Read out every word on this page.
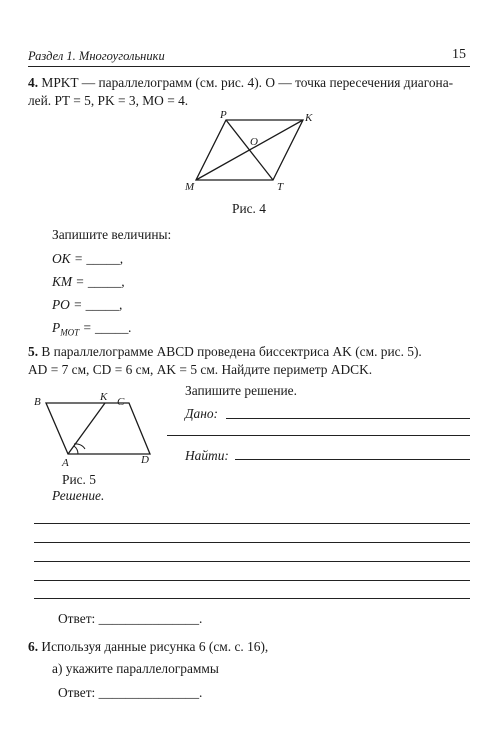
Раздел 1. Многоугольники	15
4. MPKT — параллелограмм (см. рис. 4). O — точка пересечения диагона-
лей. PT = 5, PK = 3, MO = 4.
P	K
O
M	T
Рис. 4
Запишите величины:
OK = _____,
KM = _____,
PO = _____,
$P_{MOT}$ = _____.
5. В параллелограмме ABCD проведена биссектриса AK (см. рис. 5).
AD = 7 см, CD = 6 см, AK = 5 см. Найдите периметр ADCK.
B	K C
A	D
Рис. 5
Решение.
Запишите решение.
Дано:
Найти:
Ответ: _______________.
6. Используя данные рисунка 6 (см. с. 16),
а) укажите параллелограммы
Ответ: _______________.
